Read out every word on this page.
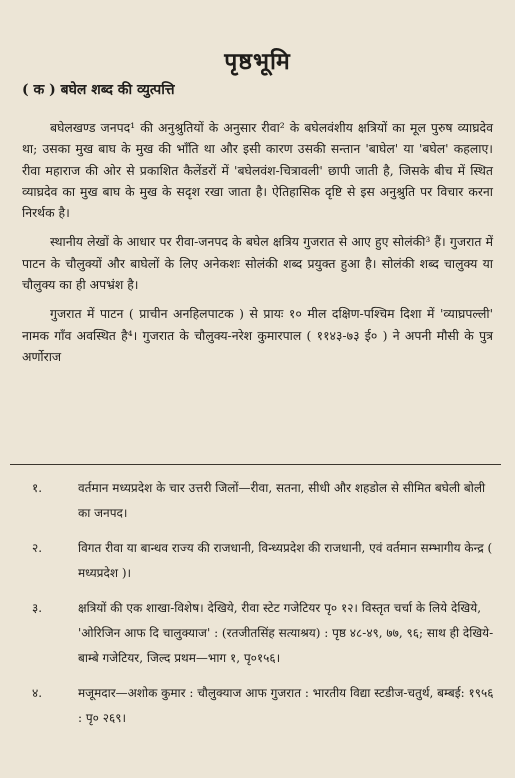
पृष्ठभूमि
( क ) बघेल शब्द की व्युत्पत्ति

बघेलखण्ड जनपद¹ की अनुश्रुतियों के अनुसार रीवा² के बघेलवंशीय क्षत्रियों का मूल पुरुष व्याघ्रदेव था; उसका मुख बाघ के मुख की भाँति था और इसी कारण उसकी सन्तान 'बाघेल' या 'बघेल' कहलाए। रीवा महाराज की ओर से प्रकाशित कैलेंडरों में 'बघेलवंश-चित्रावली' छापी जाती है, जिसके बीच में स्थित व्याघ्रदेव का मुख बाघ के मुख के सदृश रखा जाता है। ऐतिहासिक दृष्टि से इस अनुश्रुति पर विचार करना निरर्थक है।

स्थानीय लेखों के आधार पर रीवा-जनपद के बघेल क्षत्रिय गुजरात से आए हुए सोलंकी³ हैं। गुजरात में पाटन के चौलुक्यों और बाघेलों के लिए अनेकशः सोलंकी शब्द प्रयुक्त हुआ है। सोलंकी शब्द चालुक्य या चौलुक्य का ही अपभ्रंश है।

गुजरात में पाटन ( प्राचीन अनहिलपाटक ) से प्रायः १० मील दक्षिण-पश्चिम दिशा में 'व्याघ्रपल्ली' नामक गाँव अवस्थित है⁴। गुजरात के चौलुक्य-नरेश कुमारपाल ( ११४३-७३ ई० ) ने अपनी मौसी के पुत्र अर्णोराज

१.	वर्तमान मध्यप्रदेश के चार उत्तरी जिलों—रीवा, सतना, सीधी और शहडोल से सीमित बघेली बोली का जनपद।
२.	विगत रीवा या बान्धव राज्य की राजधानी, विन्ध्यप्रदेश की राजधानी, एवं वर्तमान सम्भागीय केन्द्र ( मध्यप्रदेश )।
३.	क्षत्रियों की एक शाखा-विशेष। देखिये, रीवा स्टेट गजेटियर पृ० १२। विस्तृत चर्चा के लिये देखिये, 'ओरिजिन आफ दि चालुक्याज' : (रतजीतसिंह सत्याश्रय) : पृष्ठ ४८-४९, ७७, ९६; साथ ही देखिये-बाम्बे गजेटियर, जिल्द प्रथम—भाग १, पृ०१५६।
४.	मजूमदार—अशोक कुमार : चौलुक्याज आफ गुजरात : भारतीय विद्या स्टडीज-चतुर्थ, बम्बई: १९५६ : पृ० २६९।
